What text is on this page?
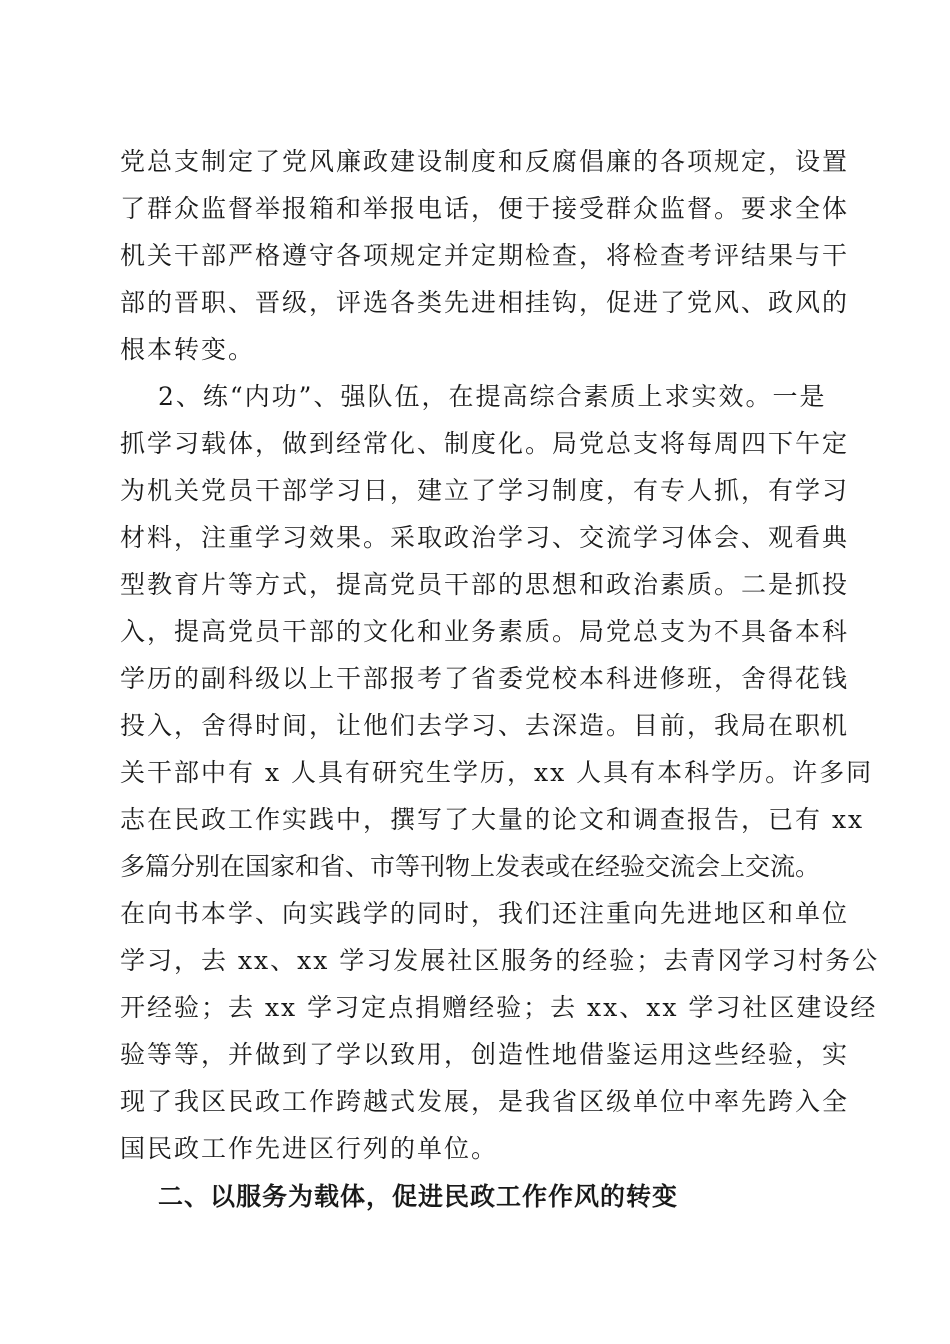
党总支制定了党风廉政建设制度和反腐倡廉的各项规定，设置
了群众监督举报箱和举报电话，便于接受群众监督。要求全体
机关干部严格遵守各项规定并定期检查，将检查考评结果与干
部的晋职、晋级，评选各类先进相挂钩，促进了党风、政风的
根本转变。
2、练“内功”、强队伍，在提高综合素质上求实效。一是
抓学习载体，做到经常化、制度化。局党总支将每周四下午定
为机关党员干部学习日，建立了学习制度，有专人抓，有学习
材料，注重学习效果。采取政治学习、交流学习体会、观看典
型教育片等方式，提高党员干部的思想和政治素质。二是抓投
入，提高党员干部的文化和业务素质。局党总支为不具备本科
学历的副科级以上干部报考了省委党校本科进修班，舍得花钱
投入，舍得时间，让他们去学习、去深造。目前，我局在职机
关干部中有 x 人具有研究生学历，xx 人具有本科学历。许多同
志在民政工作实践中，撰写了大量的论文和调查报告，已有 xx
多篇分别在国家和省、市等刊物上发表或在经验交流会上交流。
在向书本学、向实践学的同时，我们还注重向先进地区和单位
学习，去 xx、xx 学习发展社区服务的经验；去青冈学习村务公
开经验；去 xx 学习定点捐赠经验；去 xx、xx 学习社区建设经
验等等，并做到了学以致用，创造性地借鉴运用这些经验，实
现了我区民政工作跨越式发展，是我省区级单位中率先跨入全
国民政工作先进区行列的单位。
二、以服务为载体，促进民政工作作风的转变
